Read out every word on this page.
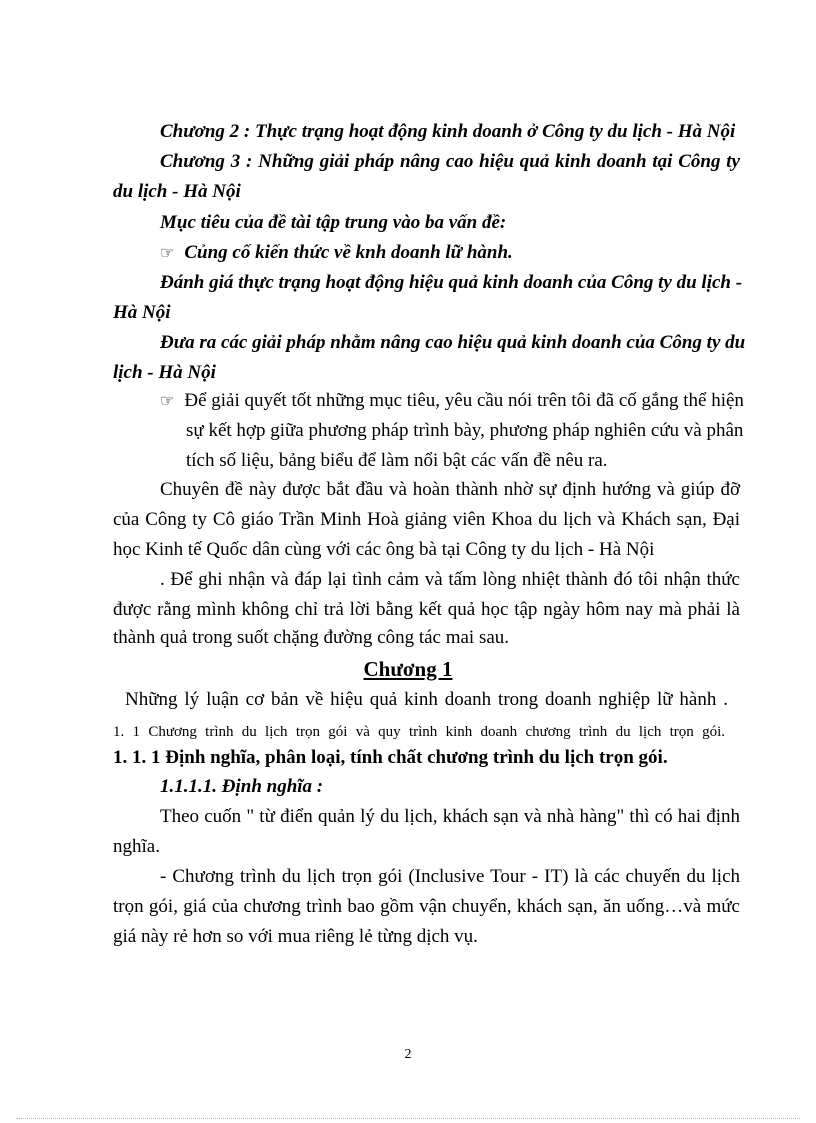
Chương 2 : Thực trạng hoạt động kinh doanh ở Công ty du lịch - Hà Nội
Chương 3 : Những giải pháp nâng cao hiệu quả kinh doanh tại Công ty
du lịch - Hà Nội
Mục tiêu của đề tài tập trung vào ba vấn đề:
☞ Củng cố kiến thức về knh doanh lữ hành.
Đánh giá thực trạng hoạt động hiệu quả kinh doanh của Công ty du lịch -
Hà Nội
Đưa ra các giải pháp nhằm nâng cao hiệu quả kinh doanh của Công ty du
lịch - Hà Nội
☞ Để giải quyết tốt những mục tiêu, yêu cầu nói trên tôi đã cố gắng thể hiện
sự kết hợp giữa phương pháp trình bày, phương pháp nghiên cứu và phân
tích số liệu, bảng biểu để làm nổi bật các vấn đề nêu ra.
Chuyên đề này được bắt đầu và hoàn thành nhờ sự định hướng và giúp đỡ
của Công ty Cô giáo Trần Minh Hoà giảng viên Khoa du lịch và Khách sạn, Đại
học Kinh tế Quốc dân cùng với các ông bà tại Công ty du lịch - Hà Nội
. Để ghi nhận và đáp lại tình cảm và tấm lòng nhiệt thành đó tôi nhận thức
được rằng mình không chỉ trả lời bằng kết quả học tập ngày hôm nay mà phải là
thành quả trong suốt chặng đường công tác mai sau.
Chương 1
Những lý luận cơ bản về hiệu quả kinh doanh trong doanh nghiệp lữ hành .
1. 1 Chương trình du lịch trọn gói và quy trình kinh doanh chương trình du lịch trọn gói.
1. 1. 1 Định nghĩa, phân loại, tính chất chương trình du lịch trọn gói.
1.1.1.1. Định nghĩa :
Theo cuốn " từ điển quản lý du lịch, khách sạn và nhà hàng" thì có hai định
nghĩa.
- Chương trình du lịch trọn gói (Inclusive Tour - IT) là các chuyến du lịch
trọn gói, giá của chương trình bao gồm vận chuyển, khách sạn, ăn uống…và mức
giá này rẻ hơn so với mua riêng lẻ từng dịch vụ.
2
